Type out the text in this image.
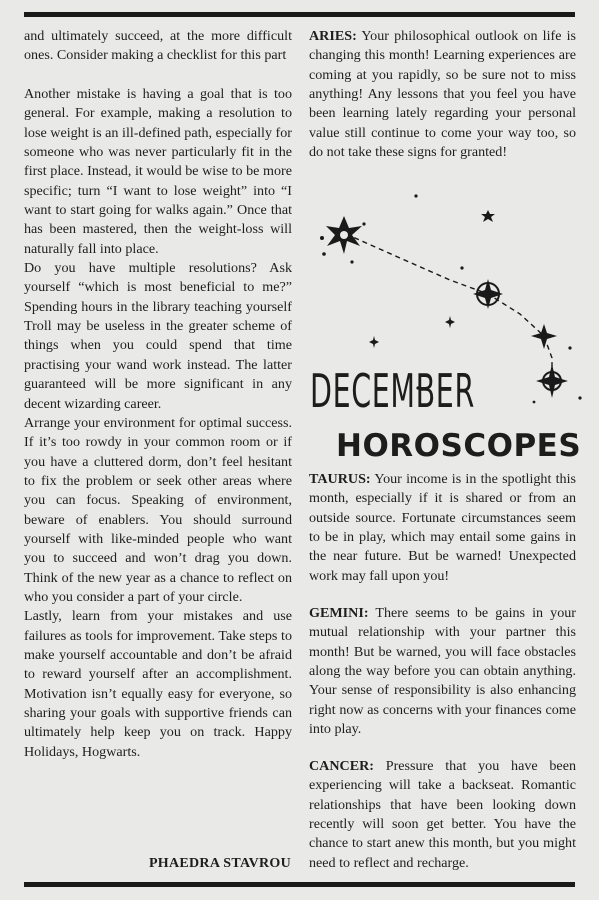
and ultimately succeed, at the more difficult ones. Consider making a checklist for this part

Another mistake is having a goal that is too general. For example, making a resolution to lose weight is an ill-defined path, especially for someone who was never particularly fit in the first place. Instead, it would be wise to be more specific; turn “I want to lose weight” into “I want to start going for walks again.” Once that has been mastered, then the weight-loss will naturally fall into place.

Do you have multiple resolutions? Ask yourself “which is most beneficial to me?” Spending hours in the library teaching yourself Troll may be useless in the greater scheme of things when you could spend that time practising your wand work instead. The latter guaranteed will be more significant in any decent wizarding career.

Arrange your environment for optimal success. If it’s too rowdy in your common room or if you have a cluttered dorm, don’t feel hesitant to fix the problem or seek other areas where you can focus. Speaking of environment, beware of enablers. You should surround yourself with like-minded people who want you to succeed and won’t drag you down. Think of the new year as a chance to reflect on who you consider a part of your circle.

Lastly, learn from your mistakes and use failures as tools for improvement. Take steps to make yourself accountable and don’t be afraid to reward yourself after an accomplishment. Motivation isn’t equally easy for everyone, so sharing your goals with supportive friends can ultimately help keep you on track. Happy Holidays, Hogwarts.

PHAEDRA STAVROU

ARIES: Your philosophical outlook on life is changing this month! Learning experiences are coming at you rapidly, so be sure not to miss anything! Any lessons that you feel you have been learning lately regarding your personal value still continue to come your way too, so do not take these signs for granted!

DECEMBER
HOROSCOPES

TAURUS: Your income is in the spotlight this month, especially if it is shared or from an outside source. Fortunate circumstances seem to be in play, which may entail some gains in the near future. But be warned! Unexpected work may fall upon you!

GEMINI: There seems to be gains in your mutual relationship with your partner this month! But be warned, you will face obstacles along the way before you can obtain anything. Your sense of responsibility is also enhancing right now as concerns with your finances come into play.

CANCER: Pressure that you have been experiencing will take a backseat. Romantic relationships that have been looking down recently will soon get better. You have the chance to start anew this month, but you might need to reflect and recharge.
